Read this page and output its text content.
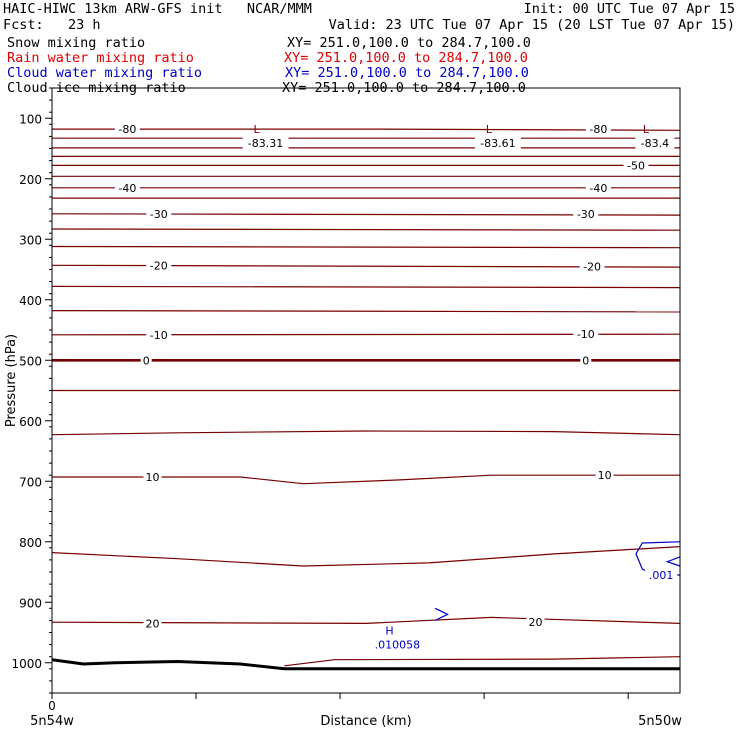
HAIC-HIWC 13km ARW-GFS init   NCAR/MMM	Init: 00 UTC Tue 07 Apr 15
Fcst:   23 h	Valid: 23 UTC Tue 07 Apr 15 (20 LST Tue 07 Apr 15)
Snow mixing ratio	XY= 251.0,100.0 to 284.7,100.0
Rain water mixing ratio	XY= 251.0,100.0 to 284.7,100.0
Cloud water mixing ratio	XY= 251.0,100.0 to 284.7,100.0
Cloud ice mixing ratio	XY= 251.0,100.0 to 284.7,100.0
-80	-80
-50
-40	-40
-30	-30
-20	-20
-10	-10
0	0
10	10
20	20
L
-83.31
L
-83.61
L
-83.4
H
.010058
.001
100
200
300
400
500
600
700
800
900
1000
0
Pressure (hPa)
Distance (km)
5n54w	5n50w
